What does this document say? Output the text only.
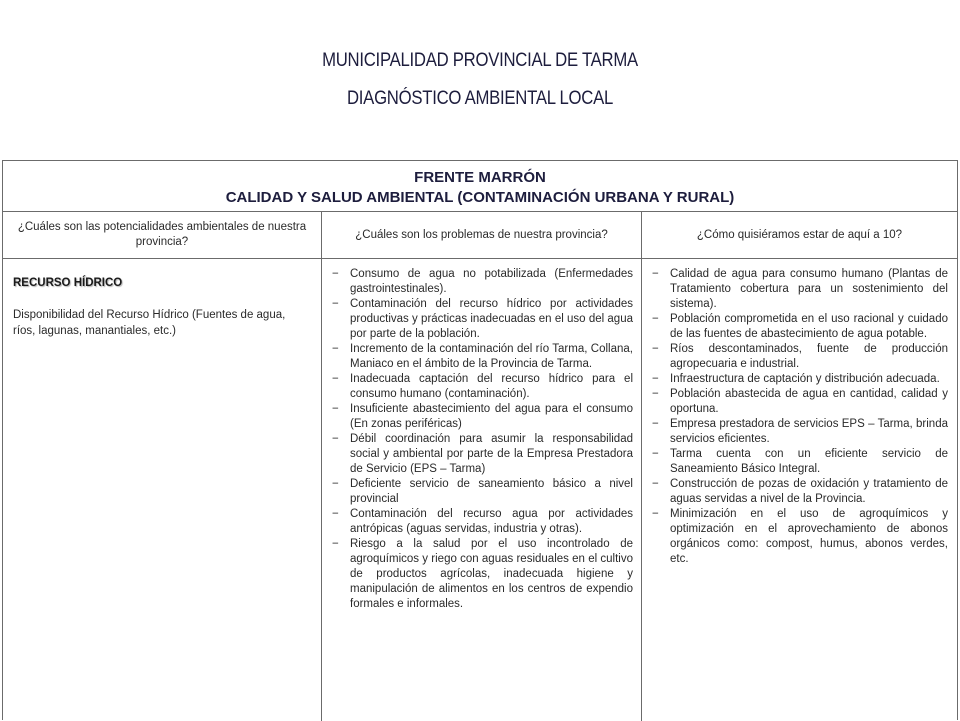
MUNICIPALIDAD PROVINCIAL DE TARMA
DIAGNÓSTICO AMBIENTAL LOCAL
FRENTE MARRÓN
CALIDAD Y SALUD AMBIENTAL (CONTAMINACIÓN URBANA Y RURAL)
¿Cuáles son las potencialidades ambientales de nuestra provincia?
¿Cuáles son los problemas de nuestra provincia?	¿Cómo quisiéramos estar de aquí a 10?
RECURSO HÍDRICO
Disponibilidad del Recurso Hídrico (Fuentes de agua, ríos, lagunas, manantiales, etc.)
− Consumo de agua no potabilizada (Enfermedades gastrointestinales).
− Contaminación del recurso hídrico por actividades productivas y prácticas inadecuadas en el uso del agua por parte de la población.
− Incremento de la contaminación del río Tarma, Collana, Maniaco en el ámbito de la Provincia de Tarma.
− Inadecuada captación del recurso hídrico para el consumo humano (contaminación).
− Insuficiente abastecimiento del agua para el consumo (En zonas periféricas)
− Débil coordinación para asumir la responsabilidad social y ambiental por parte de la Empresa Prestadora de Servicio (EPS – Tarma)
− Deficiente servicio de saneamiento básico a nivel provincial
− Contaminación del recurso agua por actividades antrópicas (aguas servidas, industria y otras).
− Riesgo a la salud por el uso incontrolado de agroquímicos y riego con aguas residuales en el cultivo de productos agrícolas, inadecuada higiene y manipulación de alimentos en los centros de expendio formales e informales.
− Calidad de agua para consumo humano (Plantas de Tratamiento cobertura para un sostenimiento del sistema).
− Población comprometida en el uso racional y cuidado de las fuentes de abastecimiento de agua potable.
− Ríos descontaminados, fuente de producción agropecuaria e industrial.
− Infraestructura de captación y distribución adecuada.
− Población abastecida de agua en cantidad, calidad y oportuna.
− Empresa prestadora de servicios EPS – Tarma, brinda servicios eficientes.
− Tarma cuenta con un eficiente servicio de Saneamiento Básico Integral.
− Construcción de pozas de oxidación y tratamiento de aguas servidas a nivel de la Provincia.
− Minimización en el uso de agroquímicos y optimización en el aprovechamiento de abonos orgánicos como: compost, humus, abonos verdes, etc.
